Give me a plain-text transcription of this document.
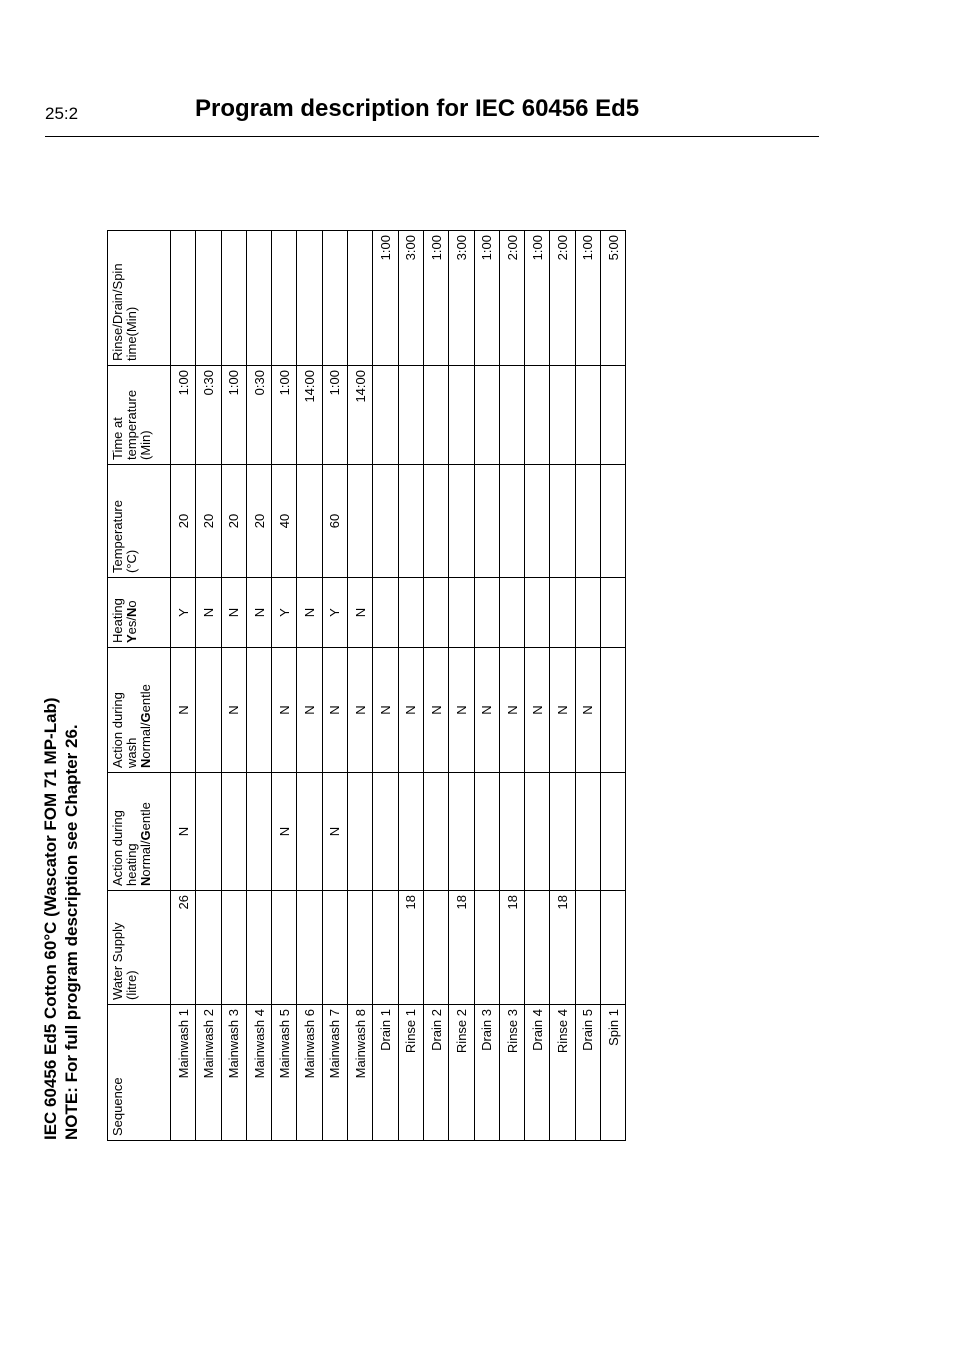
25:2	Program description for IEC 60456 Ed5
IEC 60456 Ed5 Cotton 60°C (Wascator FOM 71 MP-Lab) NOTE: For full program description see Chapter 26. Sequence	Water Supply
(litre)	Action during
heating
Normal/Gentle	Action during
wash
Normal/Gentle	Heating
Yes/No	Temperature
(°C)	Time at
temperature
(Min)	Rinse/Drain/Spin
time(Min)
Mainwash 1	26	N	N	Y	20	1:00	
Mainwash 2				N	20	0:30	
Mainwash 3			N	N	20	1:00	
Mainwash 4				N	20	0:30	
Mainwash 5		N	N	Y	40	1:00	
Mainwash 6			N	N		14:00	
Mainwash 7		N	N	Y	60	1:00	
Mainwash 8			N	N		14:00	
Drain 1			N				1:00
Rinse 1	18		N				3:00
Drain 2			N				1:00
Rinse 2	18		N				3:00
Drain 3			N				1:00
Rinse 3	18		N				2:00
Drain 4			N				1:00
Rinse 4	18		N				2:00
Drain 5			N				1:00
Spin 1							5:00
